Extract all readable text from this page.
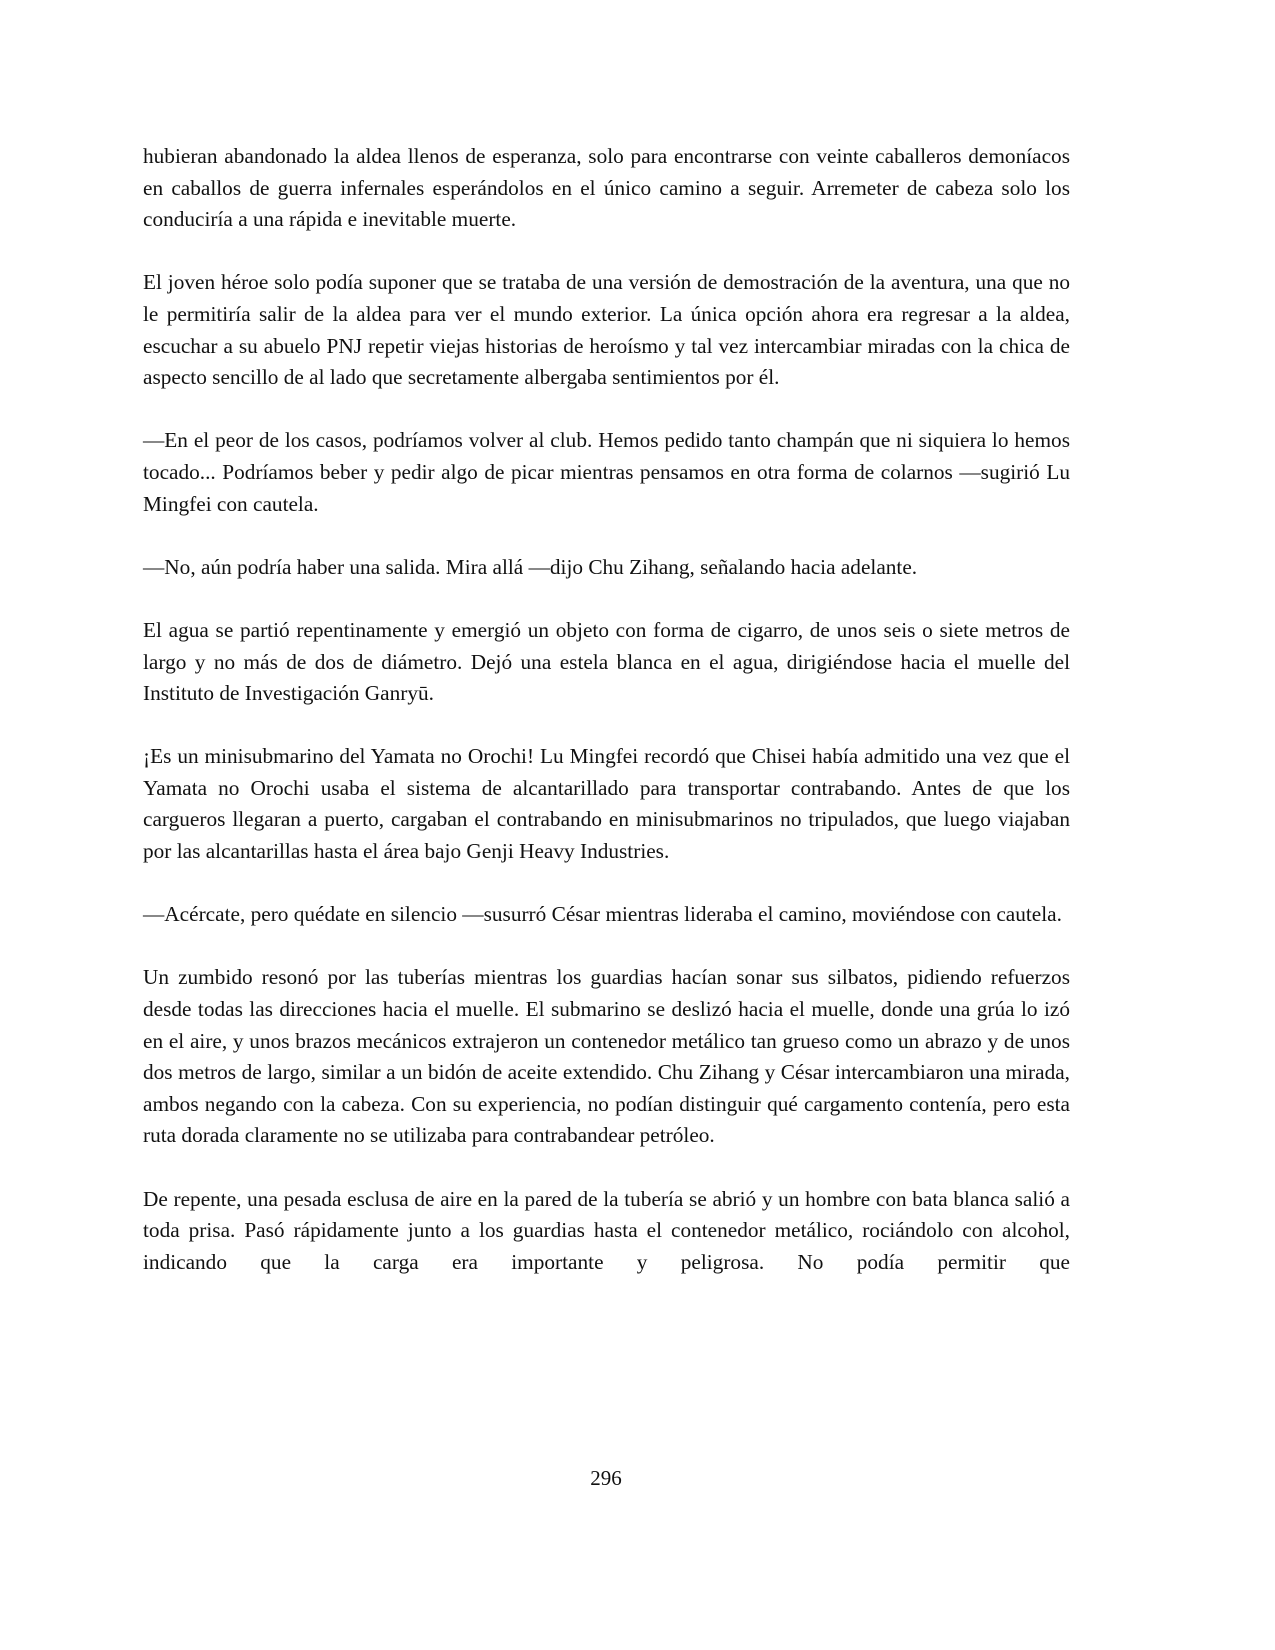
hubieran abandonado la aldea llenos de esperanza, solo para encontrarse con veinte caballeros demoníacos en caballos de guerra infernales esperándolos en el único camino a seguir. Arremeter de cabeza solo los conduciría a una rápida e inevitable muerte.

El joven héroe solo podía suponer que se trataba de una versión de demostración de la aventura, una que no le permitiría salir de la aldea para ver el mundo exterior. La única opción ahora era regresar a la aldea, escuchar a su abuelo PNJ repetir viejas historias de heroísmo y tal vez intercambiar miradas con la chica de aspecto sencillo de al lado que secretamente albergaba sentimientos por él.

—En el peor de los casos, podríamos volver al club. Hemos pedido tanto champán que ni siquiera lo hemos tocado... Podríamos beber y pedir algo de picar mientras pensamos en otra forma de colarnos —sugirió Lu Mingfei con cautela.

—No, aún podría haber una salida. Mira allá —dijo Chu Zihang, señalando hacia adelante.

El agua se partió repentinamente y emergió un objeto con forma de cigarro, de unos seis o siete metros de largo y no más de dos de diámetro. Dejó una estela blanca en el agua, dirigiéndose hacia el muelle del Instituto de Investigación Ganryū.

¡Es un minisubmarino del Yamata no Orochi! Lu Mingfei recordó que Chisei había admitido una vez que el Yamata no Orochi usaba el sistema de alcantarillado para transportar contrabando. Antes de que los cargueros llegaran a puerto, cargaban el contrabando en minisubmarinos no tripulados, que luego viajaban por las alcantarillas hasta el área bajo Genji Heavy Industries.

—Acércate, pero quédate en silencio —susurró César mientras lideraba el camino, moviéndose con cautela.

Un zumbido resonó por las tuberías mientras los guardias hacían sonar sus silbatos, pidiendo refuerzos desde todas las direcciones hacia el muelle. El submarino se deslizó hacia el muelle, donde una grúa lo izó en el aire, y unos brazos mecánicos extrajeron un contenedor metálico tan grueso como un abrazo y de unos dos metros de largo, similar a un bidón de aceite extendido. Chu Zihang y César intercambiaron una mirada, ambos negando con la cabeza. Con su experiencia, no podían distinguir qué cargamento contenía, pero esta ruta dorada claramente no se utilizaba para contrabandear petróleo.

De repente, una pesada esclusa de aire en la pared de la tubería se abrió y un hombre con bata blanca salió a toda prisa. Pasó rápidamente junto a los guardias hasta el contenedor metálico, rociándolo con alcohol, indicando que la carga era importante y peligrosa. No podía permitir que

296
